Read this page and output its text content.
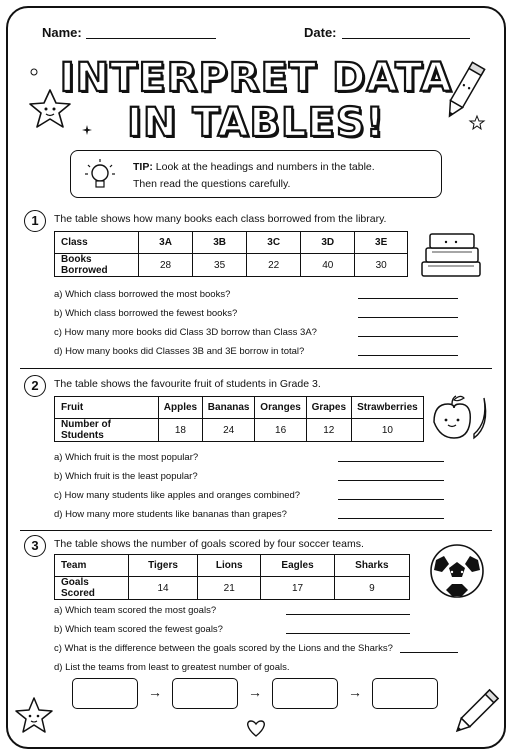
Name:	Date:
INTERPRET DATA
IN TABLES!
TIP: Look at the headings and numbers in the table.
Then read the questions carefully.
1	The table shows how many books each class borrowed from the library.
Class	3A	3B	3C	3D	3E
Books Borrowed	28	35	22	40	30
a) Which class borrowed the most books?
b) Which class borrowed the fewest books?
c) How many more books did Class 3D borrow than Class 3A?
d) How many books did Classes 3B and 3E borrow in total?
2	The table shows the favourite fruit of students in Grade 3.
Fruit	Apples	Bananas	Oranges	Grapes	Strawberries
Number of Students	18	24	16	12	10
a) Which fruit is the most popular?
b) Which fruit is the least popular?
c) How many students like apples and oranges combined?
d) How many more students like bananas than grapes?
3	The table shows the number of goals scored by four soccer teams.
Team	Tigers	Lions	Eagles	Sharks
Goals Scored	14	21	17	9
a) Which team scored the most goals?
b) Which team scored the fewest goals?
c) What is the difference between the goals scored by the Lions and the Sharks?
d) List the teams from least to greatest number of goals.
→	→	→
